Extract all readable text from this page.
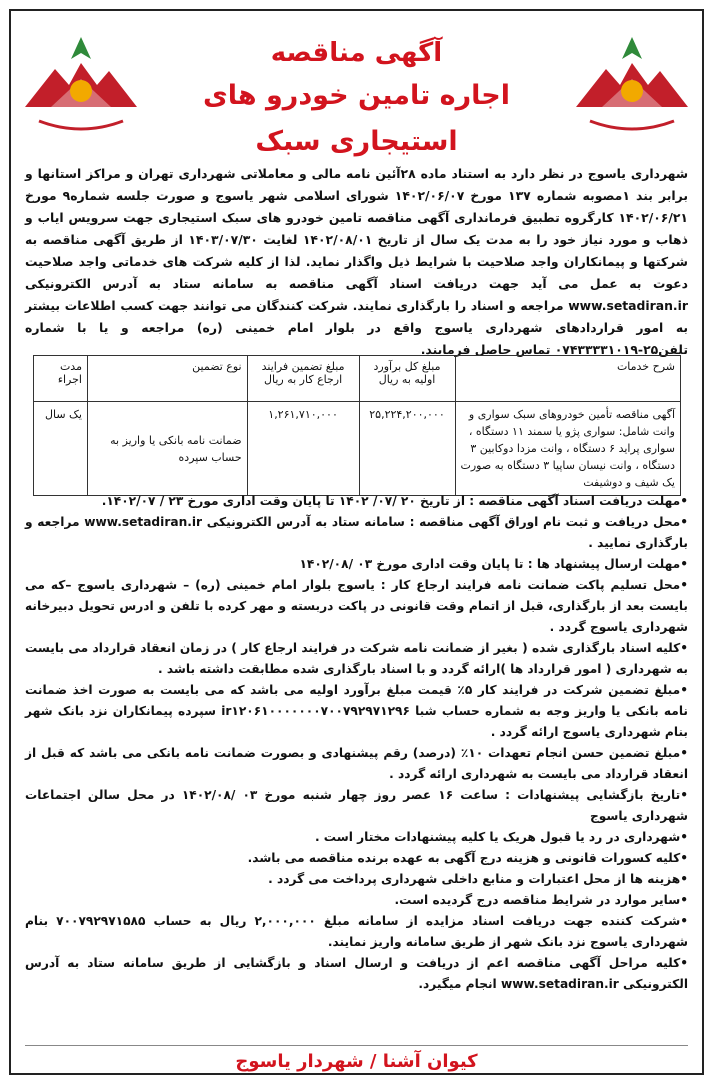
آگهی مناقصه
اجاره تامین خودرو های استیجاری سبک

شهرداری یاسوج در نظر دارد به استناد ماده ۲۸آئین نامه مالی و معاملاتی شهرداری تهران و مراکز استانها و برابر بند ۱مصوبه شماره ۱۳۷ مورخ ۱۴۰۲/۰۶/۰۷ شورای اسلامی شهر یاسوج و صورت جلسه شماره۹ مورخ ۱۴۰۲/۰۶/۲۱ کارگروه تطبیق فرمانداری آگهی مناقصه تامین خودرو های سبک استیجاری جهت سرویس ایاب و ذهاب و مورد نیاز خود را به مدت یک سال از تاریخ ۱۴۰۲/۰۸/۰۱ لغایت ۱۴۰۳/۰۷/۳۰ از طریق آگهی مناقصه به شرکتها و پیمانکاران واجد صلاحیت با شرایط ذیل واگذار نماید. لذا از کلیه شرکت های خدماتی واجد صلاحیت دعوت به عمل می آید جهت دریافت اسناد آگهی مناقصه به سامانه ستاد به آدرس الکترونیکی www.setadiran.ir مراجعه و اسناد را بارگذاری نمایند. شرکت کنندگان می توانند جهت کسب اطلاعات بیشتر به امور قراردادهای شهرداری یاسوج واقع در بلوار امام خمینی (ره) مراجعه و یا با شماره تلفن۲۵-۰۷۴۳۳۳۳۱۰۱۹ تماس حاصل فرمایند.

شرح خدمات	مبلغ کل برآورد اولیه به ریال	مبلغ تضمین فرایند ارجاع کار به ریال	نوع تضمین	مدت اجراء
آگهی مناقصه تأمین خودروهای سبک سواری و وانت شامل: سواری پژو یا سمند ۱۱ دستگاه ، سواری پراید ۶ دستگاه ، وانت مزدا دوکابین ۳ دستگاه ، وانت نیسان ساپیا ۳ دستگاه به صورت یک شیف و دوشیفت	۲۵,۲۲۴,۲۰۰,۰۰۰	۱,۲۶۱,۷۱۰,۰۰۰	ضمانت نامه بانکی یا واریز به حساب سپرده	یک سال
• مهلت دریافت اسناد آگهی مناقصه : از تاریخ ۲۰ /۰۷/ ۱۴۰۲ تا پایان وقت اداری مورخ ۲۳ / ۱۴۰۲/۰۷.
• محل دریافت و ثبت نام اوراق آگهی مناقصه : سامانه ستاد به آدرس الکترونیکی www.setadiran.ir مراجعه و بارگذاری نمایید .
• مهلت ارسال پیشنهاد ها : تا پایان وقت اداری مورخ ۰۳ /۱۴۰۲/۰۸
• محل تسلیم پاکت ضمانت نامه فرایند ارجاع کار : یاسوج بلوار امام خمینی (ره) – شهرداری یاسوج –که می بایست بعد از بارگذاری، قبل از اتمام وقت قانونی در پاکت دربسته و مهر کرده با تلفن و ادرس تحویل دبیرخانه شهرداری یاسوج گردد .
• کلیه اسناد بارگذاری شده ( بغیر از ضمانت نامه شرکت در فرایند ارجاع کار ) در زمان انعقاد قرارداد می بایست به شهرداری ( امور قرارداد ها )ارائه گردد و با اسناد بارگذاری شده مطابقت داشته باشد .
• مبلغ تضمین شرکت در فرایند کار ۵٪ قیمت مبلغ برآورد اولیه می باشد که می بایست به صورت اخذ ضمانت نامه بانکی یا واریز وجه به شماره حساب شبا ir۱۲۰۶۱۰۰۰۰۰۰۰۷۰۰۷۹۲۹۷۱۲۹۶ سپرده پیمانکاران نزد بانک شهر بنام شهرداری یاسوج ارائه گردد .
• مبلغ تضمین حسن انجام تعهدات ۱۰٪ (درصد) رقم پیشنهادی و بصورت ضمانت نامه بانکی می باشد که قبل از انعقاد قرارداد می بایست به شهرداری ارائه گردد .
• تاریخ بازگشایی پیشنهادات : ساعت ۱۶ عصر روز چهار شنبه مورخ ۰۳ /۱۴۰۲/۰۸ در محل سالن اجتماعات شهرداری یاسوج
• شهرداری در رد یا قبول هریک یا کلیه پیشنهادات مختار است .
• کلیه کسورات قانونی و هزینه درج آگهی به عهده برنده مناقصه می باشد.
• هزینه ها از محل اعتبارات و منابع داخلی شهرداری پرداخت می گردد .
• سایر موارد در شرایط مناقصه درج گردیده است.
• شرکت کننده جهت دریافت اسناد مزایده از سامانه مبلغ ۲,۰۰۰,۰۰۰ ریال به حساب ۷۰۰۷۹۲۹۷۱۵۸۵ بنام شهرداری یاسوج نزد بانک شهر از طریق سامانه واریز نمایند.
• کلیه مراحل آگهی مناقصه اعم از دریافت و ارسال اسناد و بازگشایی از طریق سامانه ستاد به آدرس الکترونیکی www.setadiran.ir انجام میگیرد.
کیوان آشنا / شهردار یاسوج
